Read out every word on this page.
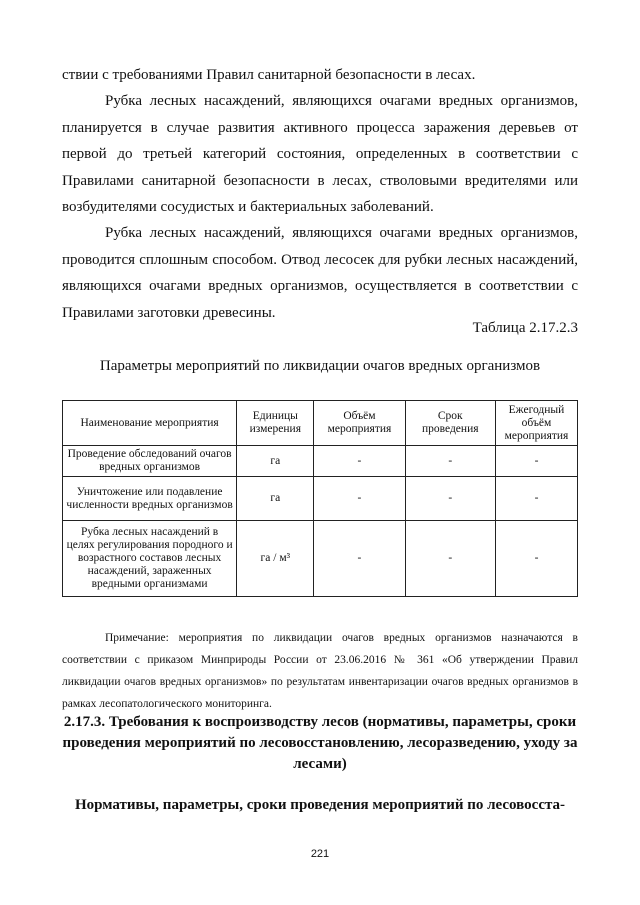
ствии с требованиями Правил санитарной безопасности в лесах.

Рубка лесных насаждений, являющихся очагами вредных организмов, планируется в случае развития активного процесса заражения деревьев от первой до третьей категорий состояния, определенных в соответствии с Правилами санитарной безопасности в лесах, стволовыми вредителями или возбудителями сосудистых и бактериальных заболеваний.

Рубка лесных насаждений, являющихся очагами вредных организмов, проводится сплошным способом. Отвод лесосек для рубки лесных насаждений, являющихся очагами вредных организмов, осуществляется в соответствии с Правилами заготовки древесины.

Таблица 2.17.2.3

Параметры мероприятий по ликвидации очагов вредных организмов

Наименование мероприятия	Единицы измерения	Объём мероприятия	Срок проведения	Ежегодный объём мероприятия
Проведение обследований очагов вредных организмов	га	-	-	-
Уничтожение или подавление численности вредных организмов	га	-	-	-
Рубка лесных насаждений в целях регулирования породного и возрастного составов лесных насаждений, зараженных вредными организмами	га / м³	-	-	-

Примечание: мероприятия по ликвидации очагов вредных организмов назначаются в соответствии с приказом Минприроды России от 23.06.2016 № 361 «Об утверждении Правил ликвидации очагов вредных организмов» по результатам инвентаризации очагов вредных организмов в рамках лесопатологического мониторинга.

2.17.3. Требования к воспроизводству лесов (нормативы, параметры, сроки проведения мероприятий по лесовосстановлению, лесоразведению, уходу за лесами)

Нормативы, параметры, сроки проведения мероприятий по лесовосста-

221
